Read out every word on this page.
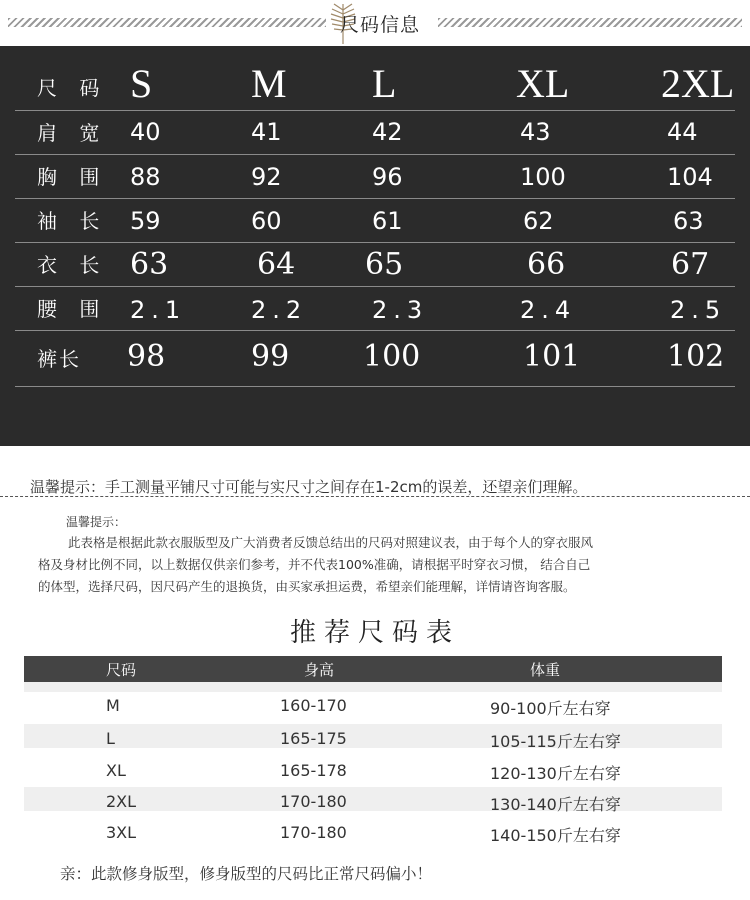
尺码信息
尺 码 S M L	XL 2XL
肩 宽 40	41	42	43	44
胸 围 88	92	96	100	104
袖 长 59	60	61	62	63
衣 长 63	64 65	66	67
腰 围 2.1	2.2	2.3	2.4	2.5
裤长 98	99 100	101	102
温馨提示：手工测量平铺尺寸可能与实尺寸之间存在1-2cm的误差，还望亲们理解。
温馨提示：
此表格是根据此款衣服版型及广大消费者反馈总结出的尺码对照建议表，由于每个人的穿衣服风
格及身材比例不同，以上数据仅供亲们参考，并不代表100%准确，请根据平时穿衣习惯， 结合自己
的体型，选择尺码，因尺码产生的退换货，由买家承担运费，希望亲们能理解，详情请咨询客服。
推荐尺码表
尺码	身高	体重
M	160-170	90-100斤左右穿
L	165-175	105-115斤左右穿
XL	165-178	120-130斤左右穿
2XL	170-180	130-140斤左右穿
3XL	170-180	140-150斤左右穿
亲：此款修身版型，修身版型的尺码比正常尺码偏小！
